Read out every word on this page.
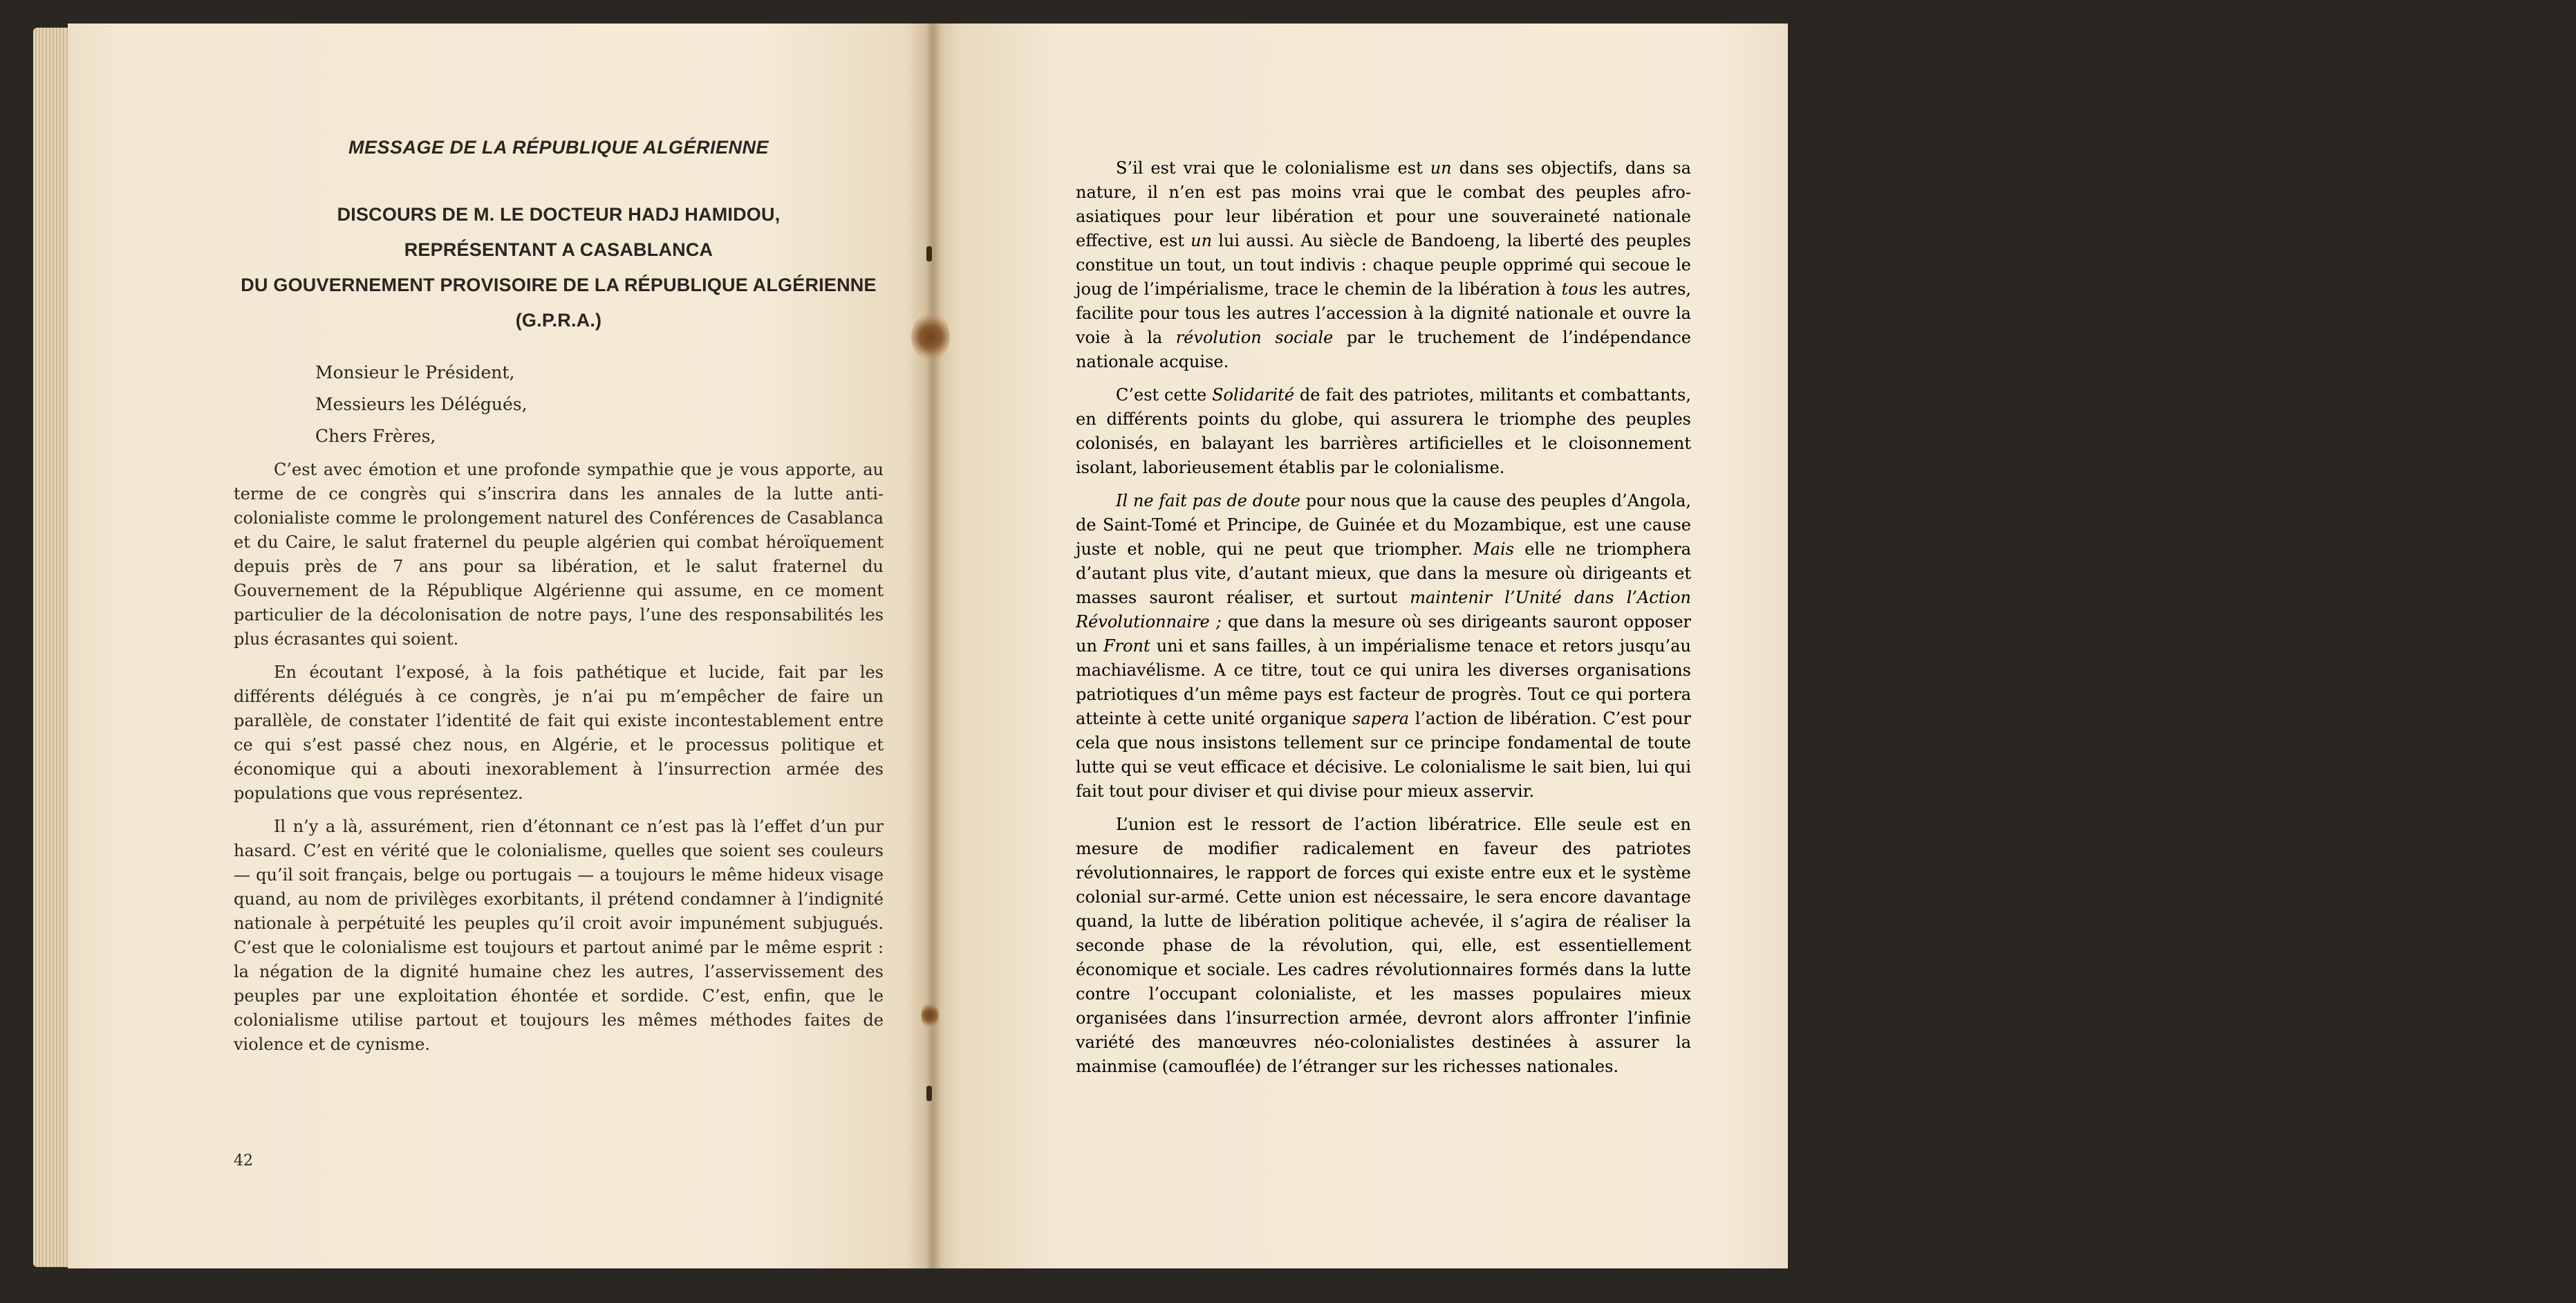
MESSAGE DE LA RÉPUBLIQUE ALGÉRIENNE
DISCOURS DE M. LE DOCTEUR HADJ HAMIDOU,
REPRÉSENTANT A CASABLANCA
DU GOUVERNEMENT PROVISOIRE DE LA RÉPUBLIQUE ALGÉRIENNE
(G.P.R.A.)
Monsieur le Président,
Messieurs les Délégués,
Chers Frères,

C’est avec émotion et une profonde sympathie que je vous apporte, au terme de ce congrès qui s’inscrira dans les annales de la lutte anti-colonialiste comme le prolongement naturel des Conférences de Casablanca et du Caire, le salut fraternel du peuple algérien qui combat héroïquement depuis près de 7 ans pour sa libération, et le salut fraternel du Gouvernement de la République Algérienne qui assume, en ce moment particulier de la décolonisation de notre pays, l’une des responsabilités les plus écrasantes qui soient.

En écoutant l’exposé, à la fois pathétique et lucide, fait par les différents délégués à ce congrès, je n’ai pu m’empêcher de faire un parallèle, de constater l’identité de fait qui existe incontestablement entre ce qui s’est passé chez nous, en Algérie, et le processus politique et économique qui a abouti inexorablement à l’insurrection armée des populations que vous représentez.

Il n’y a là, assurément, rien d’étonnant ce n’est pas là l’effet d’un pur hasard. C’est en vérité que le colonialisme, quelles que soient ses couleurs — qu’il soit français, belge ou portugais — a toujours le même hideux visage quand, au nom de privilèges exorbitants, il prétend condamner à l’indignité nationale à perpétuité les peuples qu’il croit avoir impunément subjugués. C’est que le colonialisme est toujours et partout animé par le même esprit : la négation de la dignité humaine chez les autres, l’asservissement des peuples par une exploitation éhontée et sordide. C’est, enfin, que le colonialisme utilise partout et toujours les mêmes méthodes faites de violence et de cynisme.

42	43

S’il est vrai que le colonialisme est un dans ses objectifs, dans sa nature, il n’en est pas moins vrai que le combat des peuples afro-asiatiques pour leur libération et pour une souveraineté nationale effective, est un lui aussi. Au siècle de Bandoeng, la liberté des peuples constitue un tout, un tout indivis : chaque peuple opprimé qui secoue le joug de l’impérialisme, trace le chemin de la libération à tous les autres, facilite pour tous les autres l’accession à la dignité nationale et ouvre la voie à la révolution sociale par le truchement de l’indépendance nationale acquise.

C’est cette Solidarité de fait des patriotes, militants et combattants, en différents points du globe, qui assurera le triomphe des peuples colonisés, en balayant les barrières artificielles et le cloisonnement isolant, laborieusement établis par le colonialisme.

Il ne fait pas de doute pour nous que la cause des peuples d’Angola, de Saint-Tomé et Principe, de Guinée et du Mozambique, est une cause juste et noble, qui ne peut que triompher. Mais elle ne triomphera d’autant plus vite, d’autant mieux, que dans la mesure où dirigeants et masses sauront réaliser, et surtout maintenir l’Unité dans l’Action Révolutionnaire ; que dans la mesure où ses dirigeants sauront opposer un Front uni et sans failles, à un impérialisme tenace et retors jusqu’au machiavélisme. A ce titre, tout ce qui unira les diverses organisations patriotiques d’un même pays est facteur de progrès. Tout ce qui portera atteinte à cette unité organique sapera l’action de libération. C’est pour cela que nous insistons tellement sur ce principe fondamental de toute lutte qui se veut efficace et décisive. Le colonialisme le sait bien, lui qui fait tout pour diviser et qui divise pour mieux asservir.

L’union est le ressort de l’action libératrice. Elle seule est en mesure de modifier radicalement en faveur des patriotes révolutionnaires, le rapport de forces qui existe entre eux et le système colonial sur-armé. Cette union est nécessaire, le sera encore davantage quand, la lutte de libération politique achevée, il s’agira de réaliser la seconde phase de la révolution, qui, elle, est essentiellement économique et sociale. Les cadres révolutionnaires formés dans la lutte contre l’occupant colonialiste, et les masses populaires mieux organisées dans l’insurrection armée, devront alors affronter l’infinie variété des manœuvres néo-colonialistes destinées à assurer la mainmise (camouflée) de l’étranger sur les richesses nationales.
